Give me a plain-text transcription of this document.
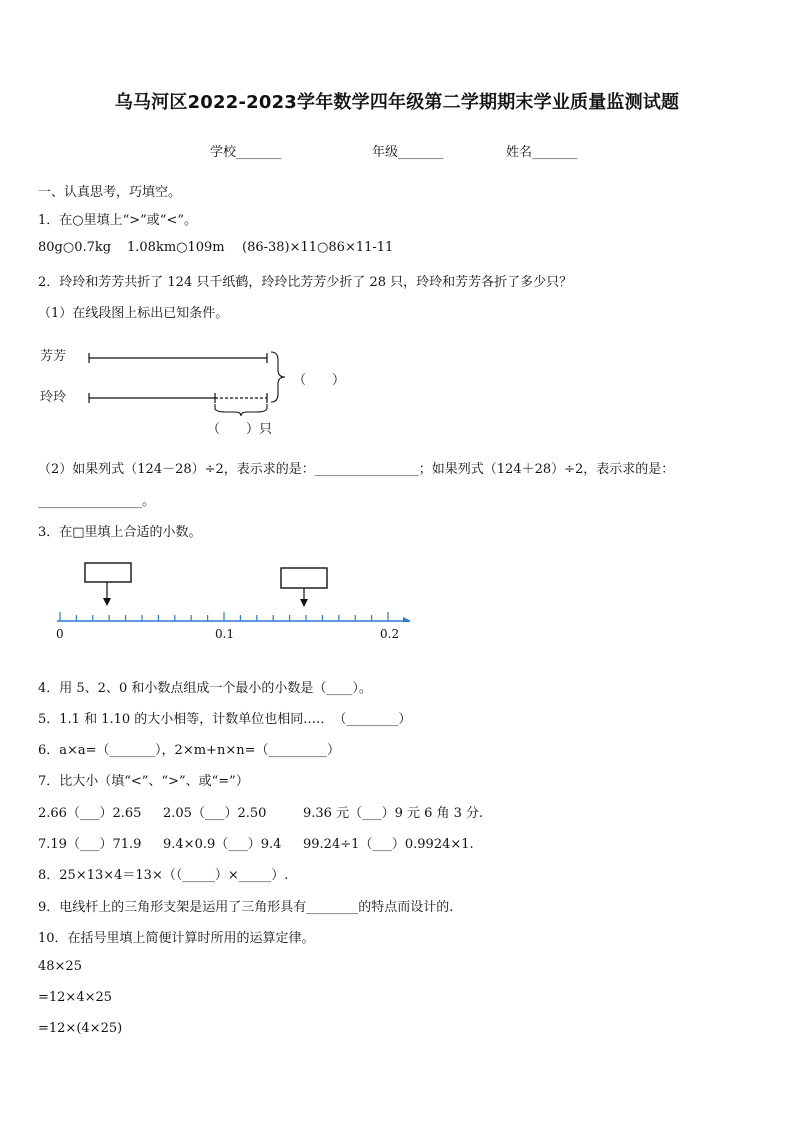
乌马河区2022-2023学年数学四年级第二学期期末学业质量监测试题
学校_______	年级_______	姓名_______
一、认真思考，巧填空。
1．在○里填上“>”或“<”。
80g○0.7kg 1.08km○109m (86-38)×11○86×11-11
2．玲玲和芳芳共折了 124 只千纸鹤，玲玲比芳芳少折了 28 只，玲玲和芳芳各折了多少只？
（1）在线段图上标出已知条件。
芳芳
玲玲
（　　）
（　　）只
（2）如果列式（124－28）÷2，表示求的是：________________；如果列式（124＋28）÷2，表示求的是：
________________。
3．在□里填上合适的小数。
0	0.1	0.2
4．用 5、2、0 和小数点组成一个最小的小数是（____）。
5．1.1 和 1.10 的大小相等，计数单位也相同.…．　（________）
6．a×a=（_______），2×m+n×n=（_________）
7．比大小（填“<”、“>”、或“=”）
2.66（___）2.65 2.05（___）2.50	9.36 元（___）9 元 6 角 3 分.
7.19（___）71.9 9.4×0.9（___）9.4 99.24÷1（___）0.9924×1.
8．25×13×4＝13×（（_____）×_____）.
9．电线杆上的三角形支架是运用了三角形具有________的特点而设计的.
10．在括号里填上简便计算时所用的运算定律。
48×25
=12×4×25
=12×(4×25)
